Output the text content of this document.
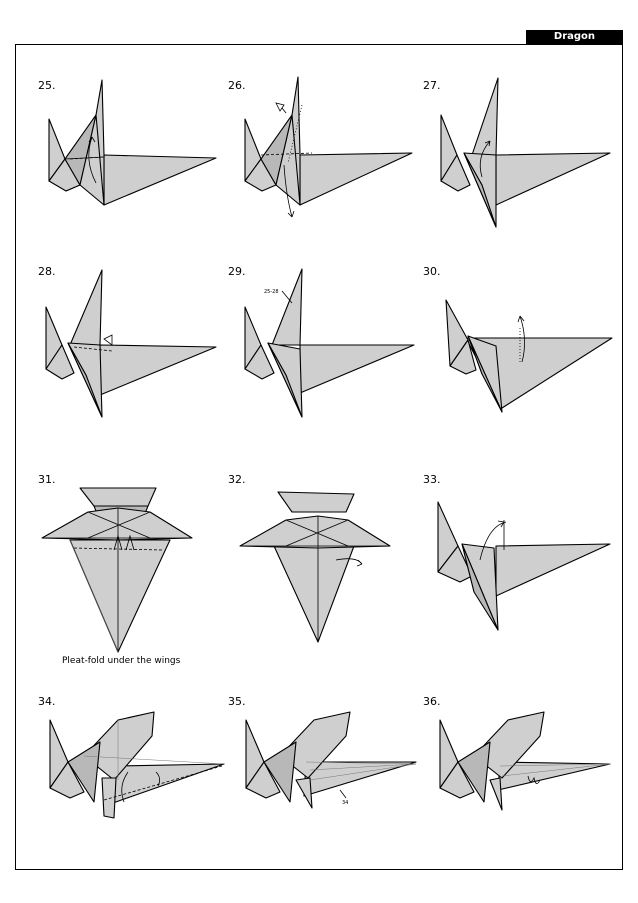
Dragon
25.	26.	27.
28.	29.	30.
31.	32.	33.
34.	35.	36.
Pleat-fold under the wings
25-28
34
